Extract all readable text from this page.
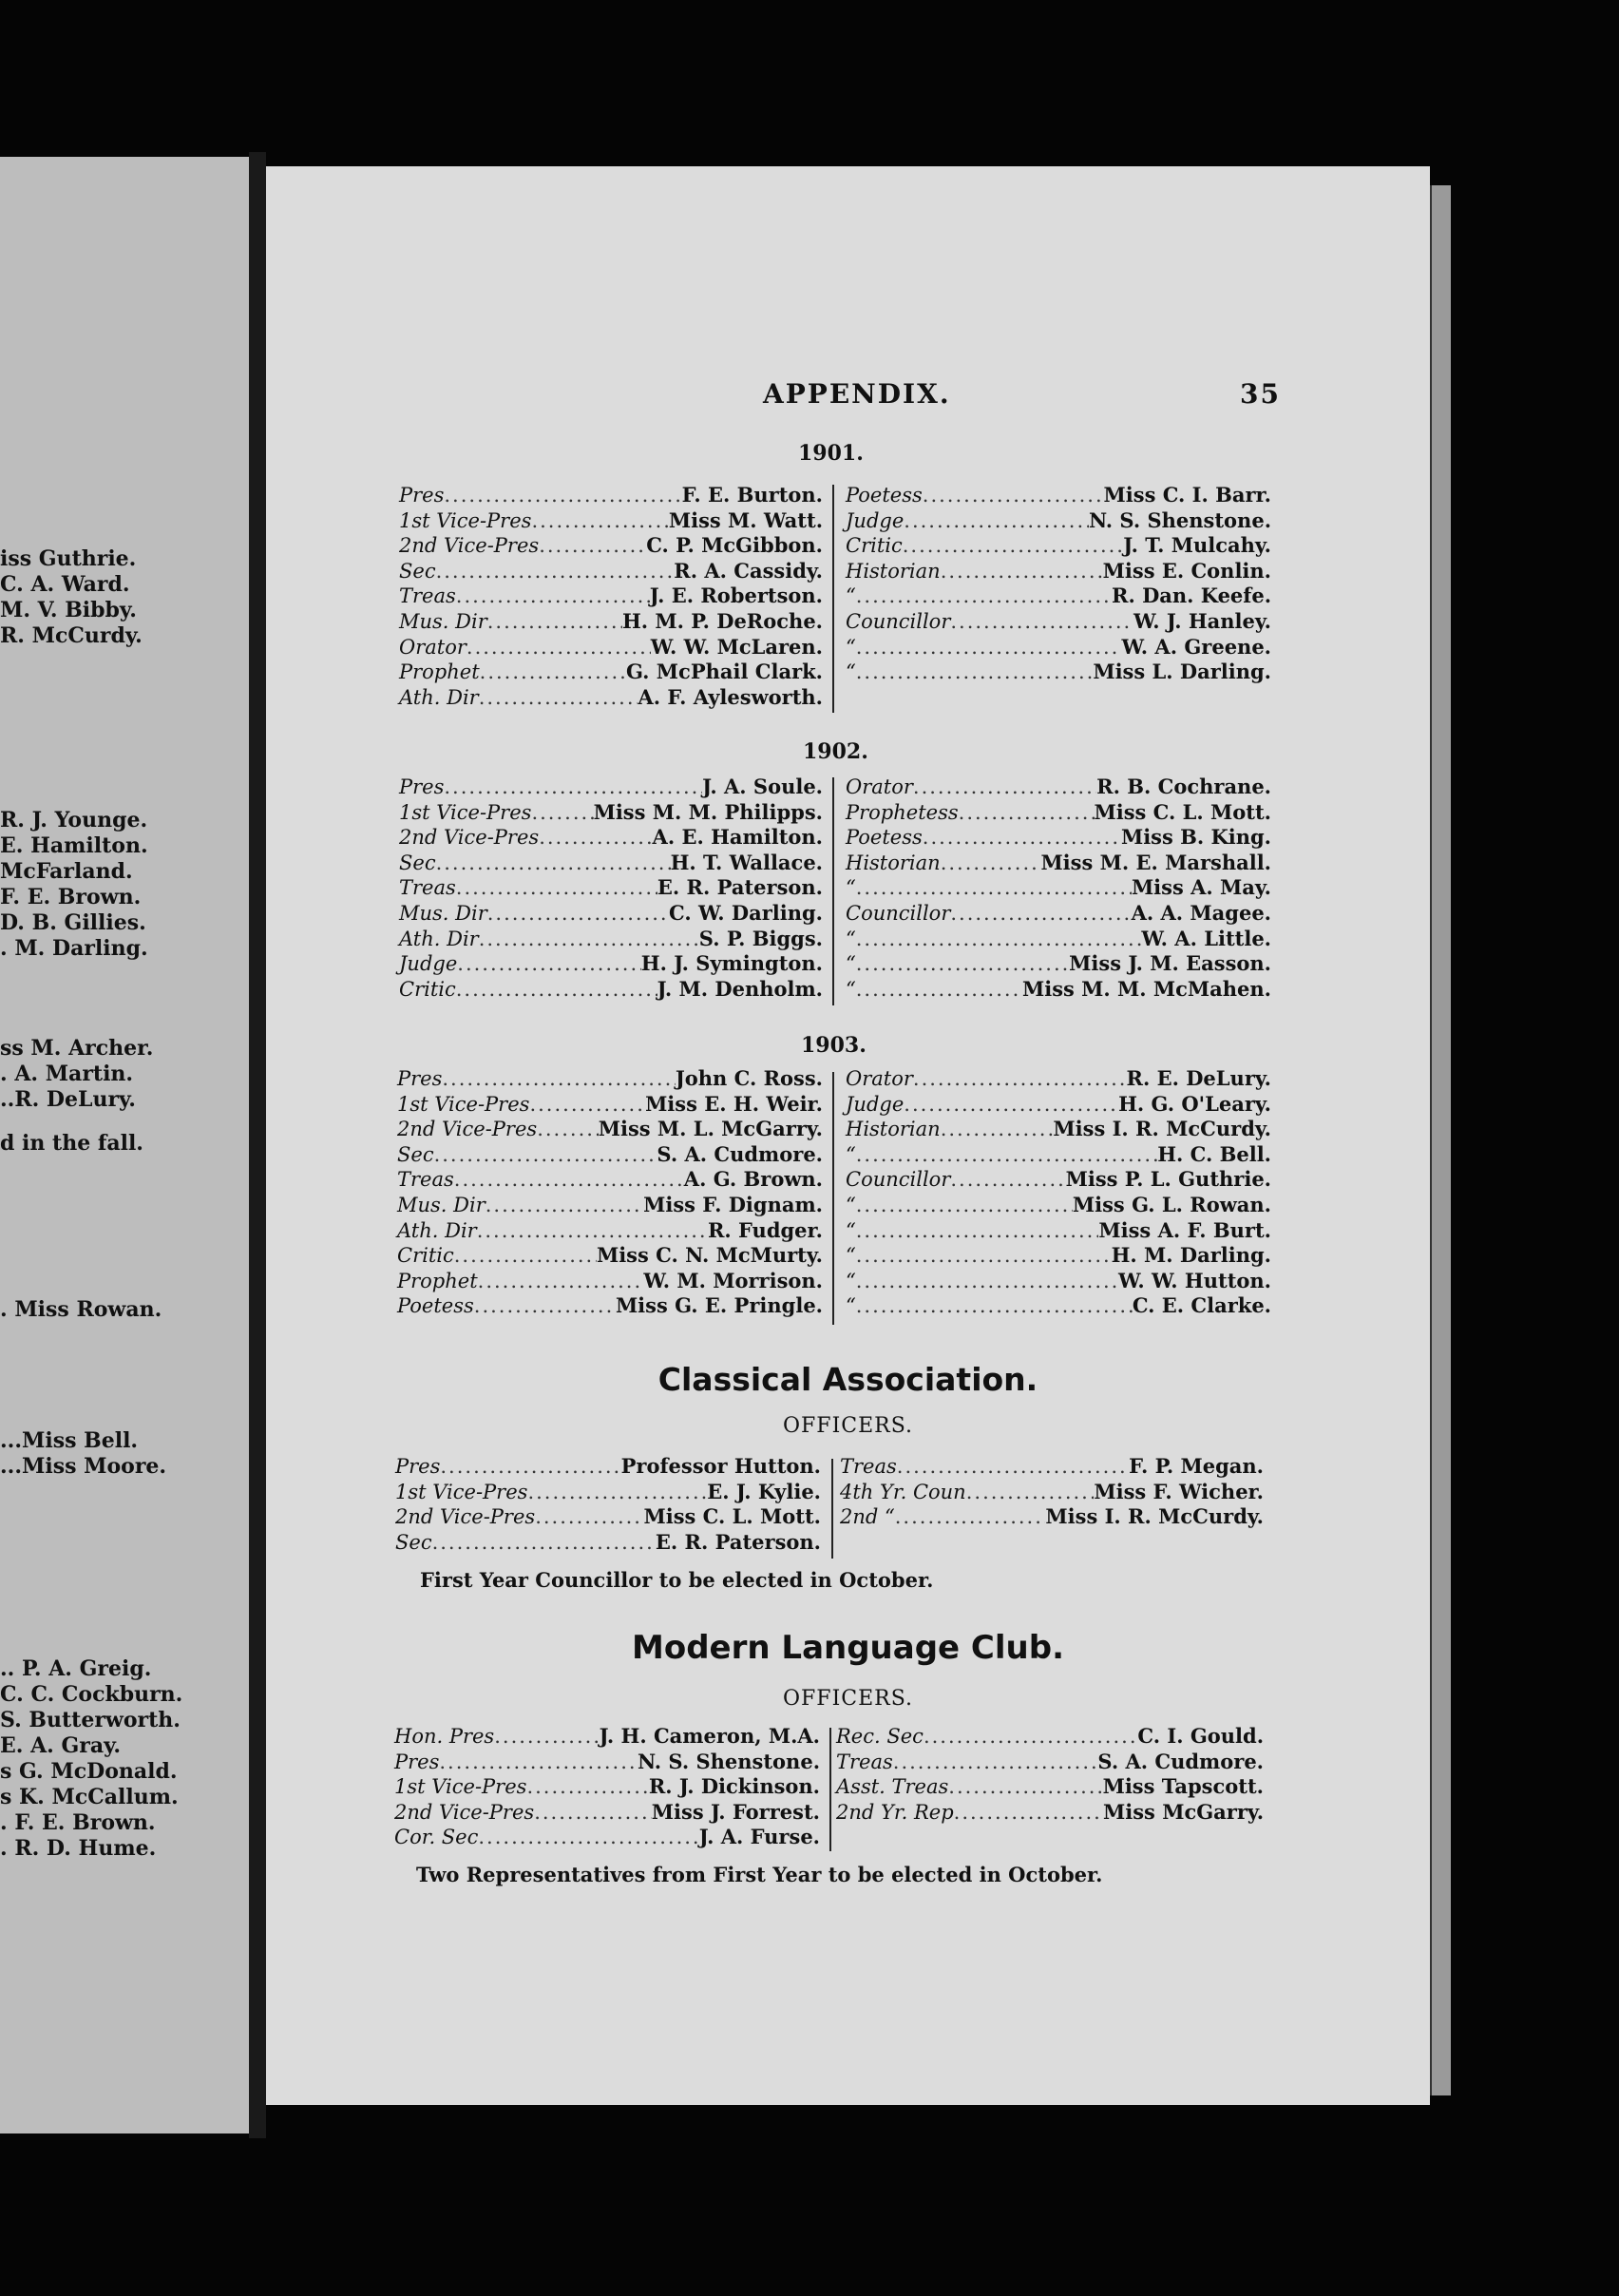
iss Guthrie.
C. A. Ward.
M. V. Bibby.
R. McCurdy.
R. J. Younge.
E. Hamilton.
McFarland.
F. E. Brown.
D. B. Gillies.
. M. Darling.
ss M. Archer.
. A. Martin.
..R. DeLury.
d in the fall.
. Miss Rowan.
...Miss Bell.
...Miss Moore.
.. P. A. Greig.
C. C. Cockburn.
S. Butterworth.
E. A. Gray.
s G. McDonald.
s K. McCallum.
. F. E. Brown.
. R. D. Hume.
APPENDIX.	35
1901.
Pres .....	F. E. Burton.
1st Vice-Pres .....	Miss M. Watt.
2nd Vice-Pres .....	C. P. McGibbon.
Sec .....	R. A. Cassidy.
Treas .....	J. E. Robertson.
Mus. Dir .....	H. M. P. DeRoche.
Orator .....	W. W. McLaren.
Prophet .....	G. McPhail Clark.
Ath. Dir .....	A. F. Aylesworth.
Poetess .....	Miss C. I. Barr.
Judge .....	N. S. Shenstone.
Critic .....	J. T. Mulcahy.
Historian .....	Miss E. Conlin.
“ .....	R. Dan. Keefe.
Councillor .....	W. J. Hanley.
“ .....	W. A. Greene.
“ .....	Miss L. Darling.
1902.
Pres .....	J. A. Soule.
1st Vice-Pres .....	Miss M. M. Philipps.
2nd Vice-Pres .....	A. E. Hamilton.
Sec .....	H. T. Wallace.
Treas .....	E. R. Paterson.
Mus. Dir .....	C. W. Darling.
Ath. Dir .....	S. P. Biggs.
Judge .....	H. J. Symington.
Critic .....	J. M. Denholm.
Orator .....	R. B. Cochrane.
Prophetess .....	Miss C. L. Mott.
Poetess .....	Miss B. King.
Historian .....	Miss M. E. Marshall.
“ .....	Miss A. May.
Councillor .....	A. A. Magee.
“ .....	W. A. Little.
“ .....	Miss J. M. Easson.
“ .....	Miss M. M. McMahen.
1903.
Pres .....	John C. Ross.
1st Vice-Pres .....	Miss E. H. Weir.
2nd Vice-Pres .....	Miss M. L. McGarry.
Sec .....	S. A. Cudmore.
Treas .....	A. G. Brown.
Mus. Dir .....	Miss F. Dignam.
Ath. Dir .....	R. Fudger.
Critic .....	Miss C. N. McMurty.
Prophet .....	W. M. Morrison.
Poetess .....	Miss G. E. Pringle.
Orator .....	R. E. DeLury.
Judge .....	H. G. O'Leary.
Historian .....	Miss I. R. McCurdy.
“ .....	H. C. Bell.
Councillor .....	Miss P. L. Guthrie.
“ .....	Miss G. L. Rowan.
“ .....	Miss A. F. Burt.
“ .....	H. M. Darling.
“ .....	W. W. Hutton.
“ .....	C. E. Clarke.
Classical Association.
OFFICERS.
Pres .....	Professor Hutton.
1st Vice-Pres .....	E. J. Kylie.
2nd Vice-Pres .....	Miss C. L. Mott.
Sec .....	E. R. Paterson.
Treas .....	F. P. Megan.
4th Yr. Coun .....	Miss F. Wicher.
2nd “ .....	Miss I. R. McCurdy.
First Year Councillor to be elected in October.
Modern Language Club.
OFFICERS.
Hon. Pres .....	J. H. Cameron, M.A.
Pres .....	N. S. Shenstone.
1st Vice-Pres .....	R. J. Dickinson.
2nd Vice-Pres .....	Miss J. Forrest.
Cor. Sec .....	J. A. Furse.
Rec. Sec .....	C. I. Gould.
Treas .....	S. A. Cudmore.
Asst. Treas .....	Miss Tapscott.
2nd Yr. Rep .....	Miss McGarry.
Two Representatives from First Year to be elected in October.
